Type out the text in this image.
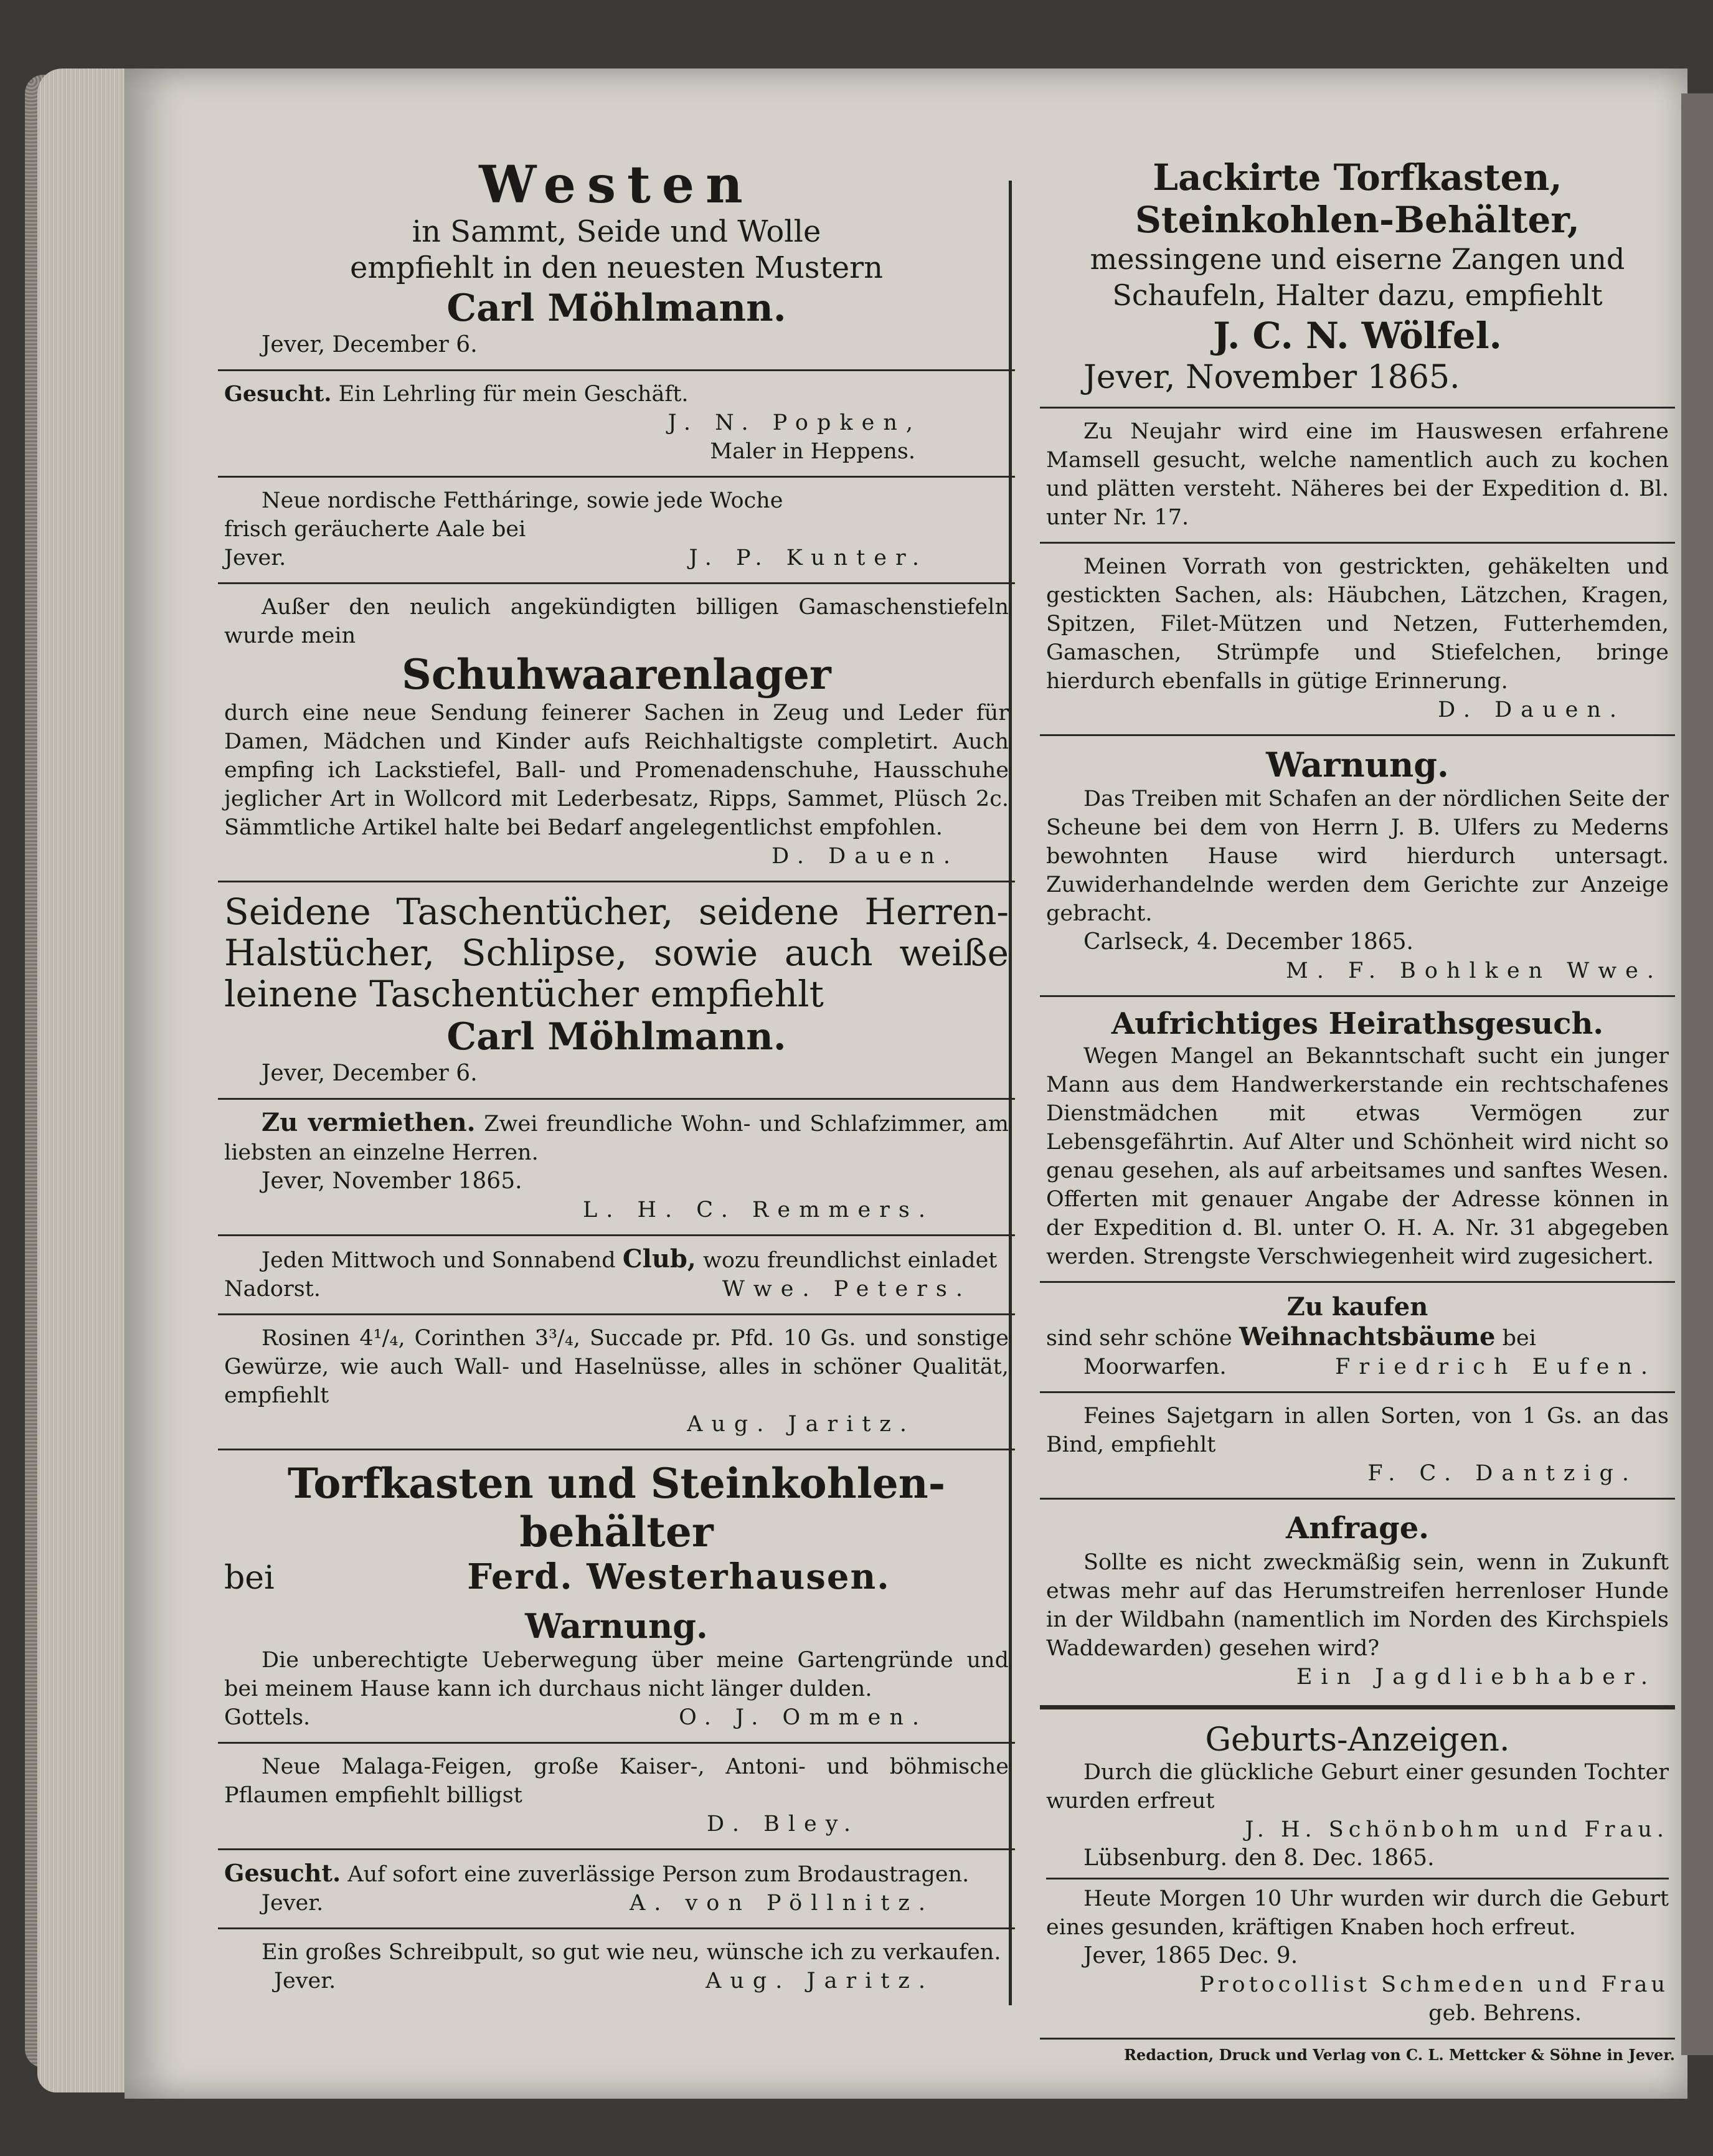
Westen
in Sammt, Seide und Wolle
empfiehlt in den neuesten Mustern
Carl Möhlmann.
Jever, December 6.
Gesucht. Ein Lehrling für mein Geschäft.
J. N. Popken,
Maler in Heppens.
Neue nordische Fettháringe, sowie jede Woche
frisch geräucherte Aale bei
Jever.	J. P. Kunter.
Außer den neulich angekündigten billigen Gamaschenstiefeln wurde mein
Schuhwaarenlager
durch eine neue Sendung feinerer Sachen in Zeug und Leder für Damen, Mädchen und Kinder aufs Reichhaltigste completirt. Auch empfing ich Lackstiefel, Ball- und Promenadenschuhe, Hausschuhe jeglicher Art in Wollcord mit Lederbesatz, Ripps, Sammet, Plüsch 2c. Sämmtliche Artikel halte bei Bedarf angelegentlichst empfohlen.
D. Dauen.
Seidene Taschentücher, seidene Herren-Halstücher, Schlipse, sowie auch weiße leinene Taschentücher empfiehlt
Carl Möhlmann.
Jever, December 6.
Zu vermiethen. Zwei freundliche Wohn- und Schlafzimmer, am liebsten an einzelne Herren.
Jever, November 1865.
L. H. C. Remmers.
Jeden Mittwoch und Sonnabend Club, wozu freundlichst einladet
Nadorst.	Wwe. Peters.
Rosinen 4¹/₄, Corinthen 3³/₄, Succade pr. Pfd. 10 Gs. und sonstige Gewürze, wie auch Wall- und Haselnüsse, alles in schöner Qualität, empfiehlt
Aug. Jaritz.
Torfkasten und Steinkohlen-
behälter
bei	Ferd. Westerhausen.
Warnung.
Die unberechtigte Ueberwegung über meine Gartengründe und bei meinem Hause kann ich durchaus nicht länger dulden.
Gottels.	O. J. Ommen.
Neue Malaga-Feigen, große Kaiser-, Antoni- und böhmische Pflaumen empfiehlt billigst
D. Bley.
Gesucht. Auf sofort eine zuverlässige Person zum Brodaustragen.
Jever.	A. von Pöllnitz.
Ein großes Schreibpult, so gut wie neu, wünsche ich zu verkaufen.
Jever.	Aug. Jaritz.
Lackirte Torfkasten,
Steinkohlen-Behälter,
messingene und eiserne Zangen und
Schaufeln, Halter dazu, empfiehlt
J. C. N. Wölfel.
Jever, November 1865.
Zu Neujahr wird eine im Hauswesen erfahrene Mamsell gesucht, welche namentlich auch zu kochen und plätten versteht. Näheres bei der Expedition d. Bl. unter Nr. 17.
Meinen Vorrath von gestrickten, gehäkelten und gestickten Sachen, als: Häubchen, Lätzchen, Kragen, Spitzen, Filet-Mützen und Netzen, Futterhemden, Gamaschen, Strümpfe und Stiefelchen, bringe hierdurch ebenfalls in gütige Erinnerung.
D. Dauen.
Warnung.
Das Treiben mit Schafen an der nördlichen Seite der Scheune bei dem von Herrn J. B. Ulfers zu Mederns bewohnten Hause wird hierdurch untersagt. Zuwiderhandelnde werden dem Gerichte zur Anzeige gebracht.
Carlseck, 4. December 1865.
M. F. Bohlken Wwe.
Aufrichtiges Heirathsgesuch.
Wegen Mangel an Bekanntschaft sucht ein junger Mann aus dem Handwerkerstande ein rechtschafenes Dienstmädchen mit etwas Vermögen zur Lebensgefährtin. Auf Alter und Schönheit wird nicht so genau gesehen, als auf arbeitsames und sanftes Wesen. Offerten mit genauer Angabe der Adresse können in der Expedition d. Bl. unter O. H. A. Nr. 31 abgegeben werden. Strengste Verschwiegenheit wird zugesichert.
Zu kaufen
sind sehr schöne Weihnachtsbäume bei
Moorwarfen.	Friedrich Eufen.
Feines Sajetgarn in allen Sorten, von 1 Gs. an das Bind, empfiehlt
F. C. Dantzig.
Anfrage.
Sollte es nicht zweckmäßig sein, wenn in Zukunft etwas mehr auf das Herumstreifen herrenloser Hunde in der Wildbahn (namentlich im Norden des Kirchspiels Waddewarden) gesehen wird?
Ein Jagdliebhaber.
Geburts-Anzeigen.
Durch die glückliche Geburt einer gesunden Tochter wurden erfreut
J. H. Schönbohm und Frau.
Lübsenburg. den 8. Dec. 1865.
Heute Morgen 10 Uhr wurden wir durch die Geburt eines gesunden, kräftigen Knaben hoch erfreut.
Jever, 1865 Dec. 9.
Protocollist Schmeden und Frau
geb. Behrens.
Redaction, Druck und Verlag von C. L. Mettcker & Söhne in Jever.
